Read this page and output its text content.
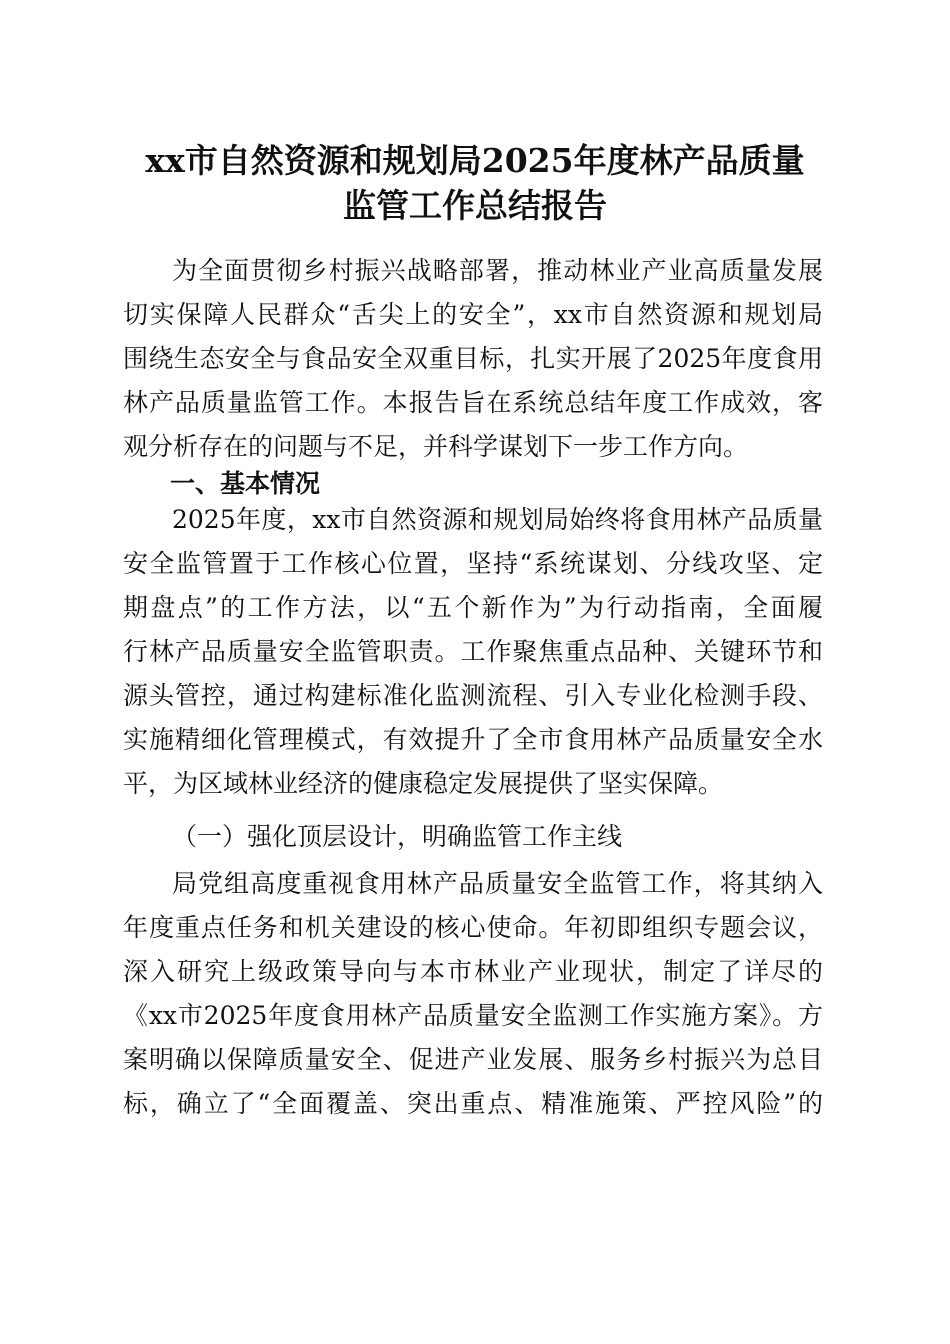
xx市自然资源和规划局2025年度林产品质量
监管工作总结报告
为全面贯彻乡村振兴战略部署，推动林业产业高质量发展
切实保障人民群众“舌尖上的安全”，xx市自然资源和规划局
围绕生态安全与食品安全双重目标，扎实开展了2025年度食用
林产品质量监管工作。本报告旨在系统总结年度工作成效，客
观分析存在的问题与不足，并科学谋划下一步工作方向。
一、基本情况
2025年度，xx市自然资源和规划局始终将食用林产品质量
安全监管置于工作核心位置，坚持“系统谋划、分线攻坚、定
期盘点”的工作方法，以“五个新作为”为行动指南，全面履
行林产品质量安全监管职责。工作聚焦重点品种、关键环节和
源头管控，通过构建标准化监测流程、引入专业化检测手段、
实施精细化管理模式，有效提升了全市食用林产品质量安全水
平，为区域林业经济的健康稳定发展提供了坚实保障。
（一）强化顶层设计，明确监管工作主线
局党组高度重视食用林产品质量安全监管工作，将其纳入
年度重点任务和机关建设的核心使命。年初即组织专题会议，
深入研究上级政策导向与本市林业产业现状，制定了详尽的
《xx市2025年度食用林产品质量安全监测工作实施方案》。方
案明确以保障质量安全、促进产业发展、服务乡村振兴为总目
标，确立了“全面覆盖、突出重点、精准施策、严控风险”的
